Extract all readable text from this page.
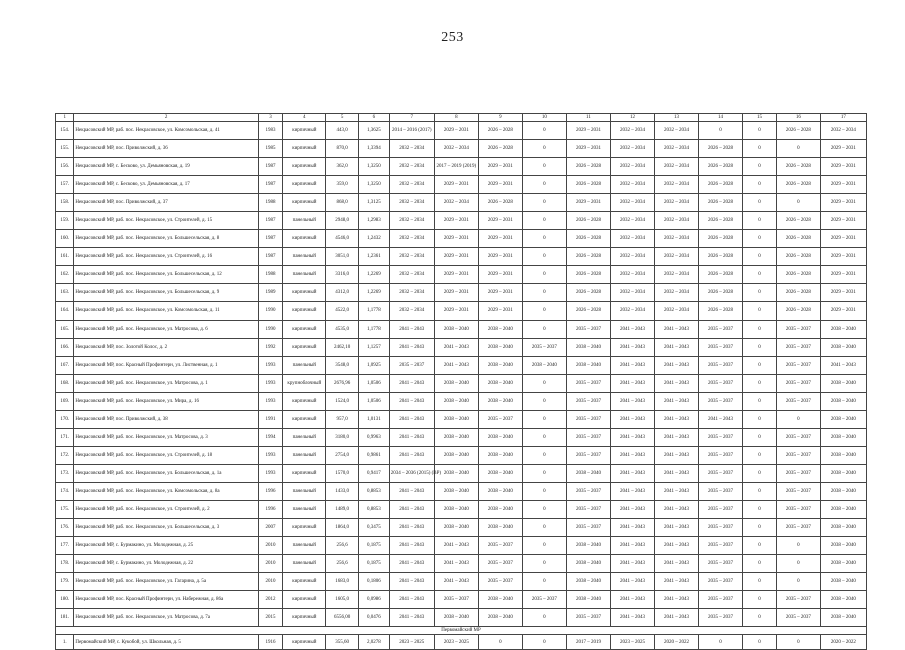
253
1	2	3	4	5	6	7	8	9	10	11	12	13	14	15	16	17
154.	Некрасовский МР, раб. пос. Некрасовское, ул. Комсомольская, д. 41	1983	кирпичный	443,0	1,3625	2014 – 2016 (2017)	2029 – 2031	2026 – 2028	0	2029 – 2031	2032 – 2034	2032 – 2034	0	0	2026 – 2028	2032 – 2034
155.	Некрасовский МР, пос. Приволжский, д. 36	1985	кирпичный	870,0	1,3394	2032 – 2034	2032 – 2034	2026 – 2028	0	2029 – 2031	2032 – 2034	2032 – 2034	2026 – 2028	0	0	2029 – 2031
156.	Некрасовский МР, с. Бесково, ул. Демьяновская, д. 19	1987	кирпичный	362,0	1,3250	2032 – 2034	2017 – 2019 (2019)	2029 – 2031	0	2026 – 2028	2032 – 2034	2032 – 2034	2026 – 2028	0	2026 – 2028	2029 – 2031
157.	Некрасовский МР, с. Бесково, ул. Демьяновская, д. 17	1987	кирпичный	359,0	1,3250	2032 – 2034	2029 – 2031	2029 – 2031	0	2026 – 2028	2032 – 2034	2032 – 2034	2026 – 2028	0	2026 – 2028	2029 – 2031
158.	Некрасовский МР, пос. Приволжский, д. 37	1988	кирпичный	868,0	1,3125	2032 – 2034	2032 – 2034	2026 – 2028	0	2029 – 2031	2032 – 2034	2032 – 2034	2026 – 2028	0	0	2029 – 2031
159.	Некрасовский МР, раб. пос. Некрасовское, ул. Строителей, д. 15	1987	панельный	2948,0	1,2983	2032 – 2034	2029 – 2031	2029 – 2031	0	2026 – 2028	2032 – 2034	2032 – 2034	2026 – 2028	0	2026 – 2028	2029 – 2031
160.	Некрасовский МР, раб. пос. Некрасовское, ул. Большесельская, д. 8	1987	кирпичный	4546,0	1,2432	2032 – 2034	2029 – 2031	2029 – 2031	0	2026 – 2028	2032 – 2034	2032 – 2034	2026 – 2028	0	2026 – 2028	2029 – 2031
161.	Некрасовский МР, раб. пос. Некрасовское, ул. Строителей, д. 16	1987	панельный	3051,0	1,2361	2032 – 2034	2029 – 2031	2029 – 2031	0	2026 – 2028	2032 – 2034	2032 – 2034	2026 – 2028	0	2026 – 2028	2029 – 2031
162.	Некрасовский МР, раб. пос. Некрасовское, ул. Большесельская, д. 12	1988	панельный	3316,0	1,2269	2032 – 2034	2029 – 2031	2029 – 2031	0	2026 – 2028	2032 – 2034	2032 – 2034	2026 – 2028	0	2026 – 2028	2029 – 2031
163.	Некрасовский МР, раб. пос. Некрасовское, ул. Большесельская, д. 9	1989	кирпичный	4312,0	1,2269	2032 – 2034	2029 – 2031	2029 – 2031	0	2026 – 2028	2032 – 2034	2032 – 2034	2026 – 2028	0	2026 – 2028	2029 – 2031
164.	Некрасовский МР, раб. пос. Некрасовское, ул. Комсомольская, д. 11	1990	кирпичный	4522,0	1,1778	2032 – 2034	2029 – 2031	2029 – 2031	0	2026 – 2028	2032 – 2034	2032 – 2034	2026 – 2028	0	2026 – 2028	2029 – 2031
165.	Некрасовский МР, раб. пос. Некрасовское, ул. Матросова, д. 6	1990	кирпичный	4535,0	1,1778	2041 – 2043	2038 – 2040	2038 – 2040	0	2035 – 2037	2041 – 2043	2041 – 2043	2035 – 2037	0	2035 – 2037	2038 – 2040
166.	Некрасовский МР, пос. Золотой Колос, д. 2	1992	кирпичный	2462,10	1,1257	2041 – 2043	2041 – 2043	2038 – 2040	2035 – 2037	2038 – 2040	2041 – 2043	2041 – 2043	2035 – 2037	0	2035 – 2037	2038 – 2040
167.	Некрасовский МР, пос. Красный Профинтерн, ул. Лиственная, д. 1	1993	панельный	3548,0	1,0925	2035 – 2037	2041 – 2043	2038 – 2040	2038 – 2040	2038 – 2040	2041 – 2043	2041 – 2043	2035 – 2037	0	2035 – 2037	2041 – 2043
168.	Некрасовский МР, раб. пос. Некрасовское, ул. Матросова, д. 1	1993	крупноблочный	2676,96	1,0506	2041 – 2043	2038 – 2040	2038 – 2040	0	2035 – 2037	2041 – 2043	2041 – 2043	2035 – 2037	0	2035 – 2037	2038 – 2040
169.	Некрасовский МР, раб. пос. Некрасовское, ул. Мира, д. 16	1993	кирпичный	1524,0	1,0506	2041 – 2043	2038 – 2040	2038 – 2040	0	2035 – 2037	2041 – 2043	2041 – 2043	2035 – 2037	0	2035 – 2037	2038 – 2040
170.	Некрасовский МР, пос. Приволжский, д. 38	1991	кирпичный	957,0	1,0131	2041 – 2043	2038 – 2040	2035 – 2037	0	2035 – 2037	2041 – 2043	2041 – 2043	2041 – 2043	0	0	2038 – 2040
171.	Некрасовский МР, раб. пос. Некрасовское, ул. Матросова, д. 3	1994	панельный	3180,0	0,9963	2041 – 2043	2038 – 2040	2038 – 2040	0	2035 – 2037	2041 – 2043	2041 – 2043	2035 – 2037	0	2035 – 2037	2038 – 2040
172.	Некрасовский МР, раб. пос. Некрасовское, ул. Строителей, д. 18	1993	панельный	2754,0	0,9861	2041 – 2043	2038 – 2040	2038 – 2040	0	2035 – 2037	2041 – 2043	2041 – 2043	2035 – 2037	0	2035 – 2037	2038 – 2040
173.	Некрасовский МР, раб. пос. Некрасовское, ул. Большесельская, д. 1а	1993	кирпичный	1570,0	0,9417	2034 – 2036 (2015) (ВР)	2038 – 2040	2038 – 2040	0	2038 – 2040	2041 – 2043	2041 – 2043	2035 – 2037	0	2035 – 2037	2038 – 2040
174.	Некрасовский МР, раб. пос. Некрасовское, ул. Комсомольская, д. 8а	1996	панельный	1433,0	0,8853	2041 – 2043	2038 – 2040	2038 – 2040	0	2035 – 2037	2041 – 2043	2041 – 2043	2035 – 2037	0	2035 – 2037	2038 – 2040
175.	Некрасовский МР, раб. пос. Некрасовское, ул. Строителей, д. 2	1996	панельный	1489,0	0,8853	2041 – 2043	2038 – 2040	2038 – 2040	0	2035 – 2037	2041 – 2043	2041 – 2043	2035 – 2037	0	2035 – 2037	2038 – 2040
176.	Некрасовский МР, раб. пос. Некрасовское, ул. Большесельская, д. 3	2007	кирпичный	1864,0	0,3475	2041 – 2043	2038 – 2040	2038 – 2040	0	2035 – 2037	2041 – 2043	2041 – 2043	2035 – 2037	0	2035 – 2037	2038 – 2040
177.	Некрасовский МР, с. Бурмакино, ул. Молодежная, д. 25	2010	панельный	256,6	0,1875	2041 – 2043	2041 – 2043	2035 – 2037	0	2038 – 2040	2041 – 2043	2041 – 2043	2035 – 2037	0	0	2038 – 2040
178.	Некрасовский МР, с. Бурмакино, ул. Молодежная, д. 22	2010	панельный	256,6	0,1875	2041 – 2043	2041 – 2043	2035 – 2037	0	2038 – 2040	2041 – 2043	2041 – 2043	2035 – 2037	0	0	2038 – 2040
179.	Некрасовский МР, раб. пос. Некрасовское, ул. Гагарина, д. 5а	2010	кирпичный	1683,0	0,1806	2041 – 2043	2041 – 2043	2035 – 2037	0	2038 – 2040	2041 – 2043	2041 – 2043	2035 – 2037	0	0	2038 – 2040
180.	Некрасовский МР, пос. Красный Профинтерн, ул. Набережная, д. 86а	2012	кирпичный	1605,0	0,0986	2041 – 2043	2035 – 2037	2038 – 2040	2035 – 2037	2038 – 2040	2041 – 2043	2041 – 2043	2035 – 2037	0	2035 – 2037	2038 – 2040
181.	Некрасовский МР, раб. пос. Некрасовское, ул. Матросова, д. 7а	2015	кирпичный	6556,00	0,0476	2041 – 2043	2038 – 2040	2038 – 2040	0	2035 – 2037	2041 – 2043	2041 – 2043	2035 – 2037	0	2035 – 2037	2038 – 2040
Первомайский МР																
1.	Первомайский МР, с. Кукобой, ул. Школьная, д. 5	1916	кирпичный	355,60	2,0278	2023 – 2025	2023 – 2025	0	0	2017 – 2019	2023 – 2025	2020 – 2022	0	0	0	2020 – 2022
